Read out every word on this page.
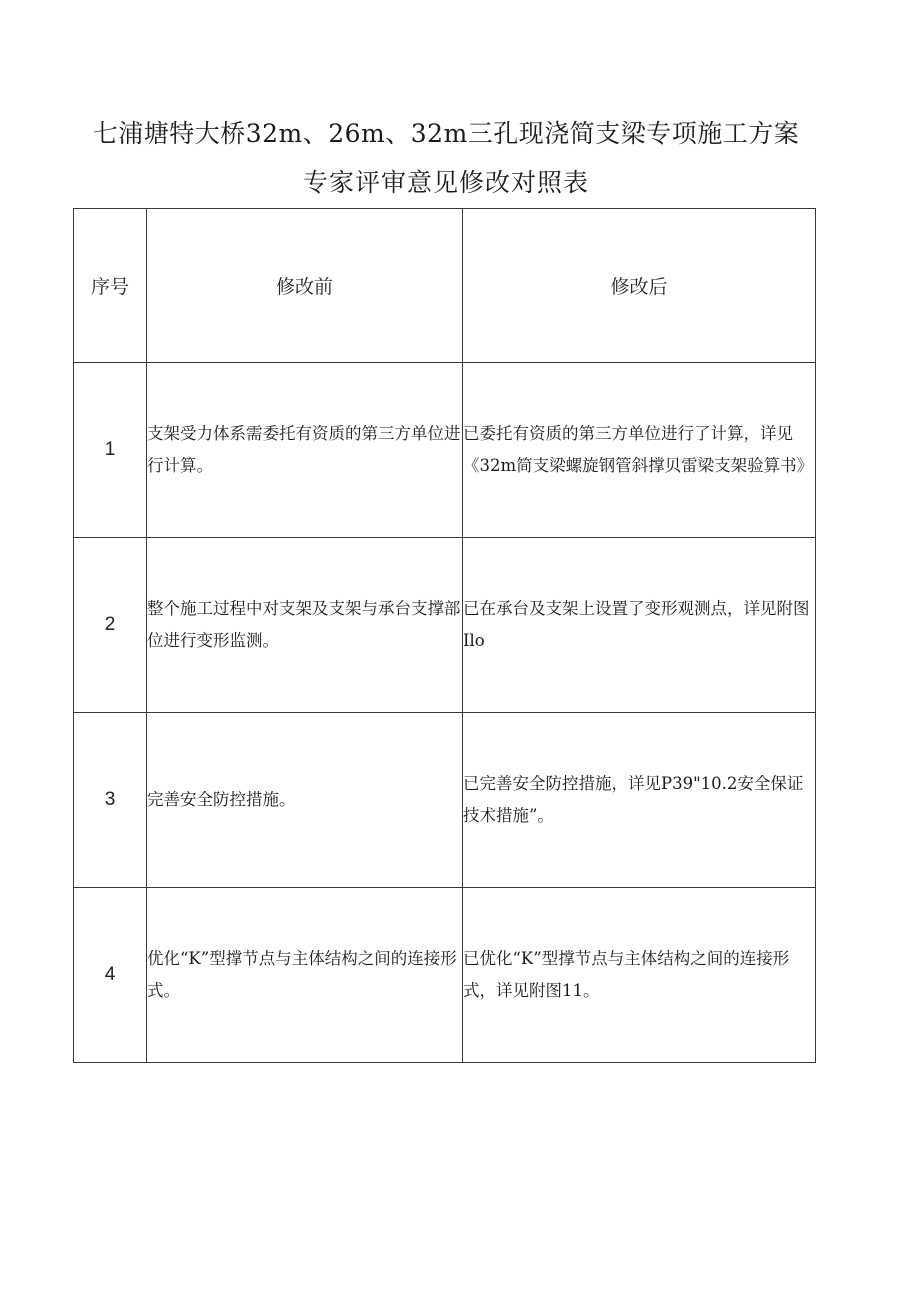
七浦塘特大桥32m、26m、32m三孔现浇简支梁专项施工方案
专家评审意见修改对照表
序号	修改前	修改后
1	支架受力体系需委托有资质的第三方单位进行计算。	已委托有资质的第三方单位进行了计算，详见《32m简支梁螺旋钢管斜撑贝雷梁支架验算书》
2	整个施工过程中对支架及支架与承台支撑部位进行变形监测。	已在承台及支架上设置了变形观测点，详见附图Ilo
3	完善安全防控措施。	已完善安全防控措施，详见P39"10.2安全保证技术措施”。
4	优化“K”型撑节点与主体结构之间的连接形式。	已优化“K”型撑节点与主体结构之间的连接形式，详见附图11。
